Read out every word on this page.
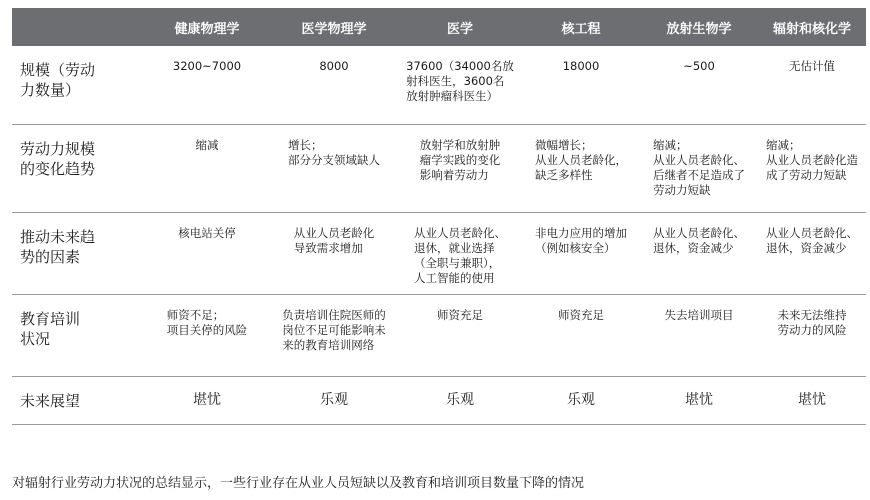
	健康物理学	医学物理学	医学	核工程	放射生物学	辐射和核化学
规模（劳动
力数量）	3200~7000	8000	37600（34000名放
射科医生，3600名
放射肿瘤科医生）	18000	~500	无估计值
劳动力规模
的变化趋势	缩减	增长；
部分分支领域缺人	放射学和放射肿
瘤学实践的变化
影响着劳动力	微幅增长；
从业人员老龄化，
缺乏多样性	缩减；
从业人员老龄化、
后继者不足造成了
劳动力短缺	缩减；
从业人员老龄化造
成了劳动力短缺
推动未来趋
势的因素	核电站关停	从业人员老龄化
导致需求增加	从业人员老龄化、
退休，就业选择
（全职与兼职），
人工智能的使用	非电力应用的增加
（例如核安全）	从业人员老龄化、
退休，资金减少	从业人员老龄化、
退休，资金减少
教育培训
状况	师资不足；
项目关停的风险	负责培训住院医师的
岗位不足可能影响未
来的教育培训网络	师资充足	师资充足	失去培训项目	未来无法维持
劳动力的风险
未来展望	堪忧	乐观	乐观	乐观	堪忧	堪忧
对辐射行业劳动力状况的总结显示，一些行业存在从业人员短缺以及教育和培训项目数量下降的情况
